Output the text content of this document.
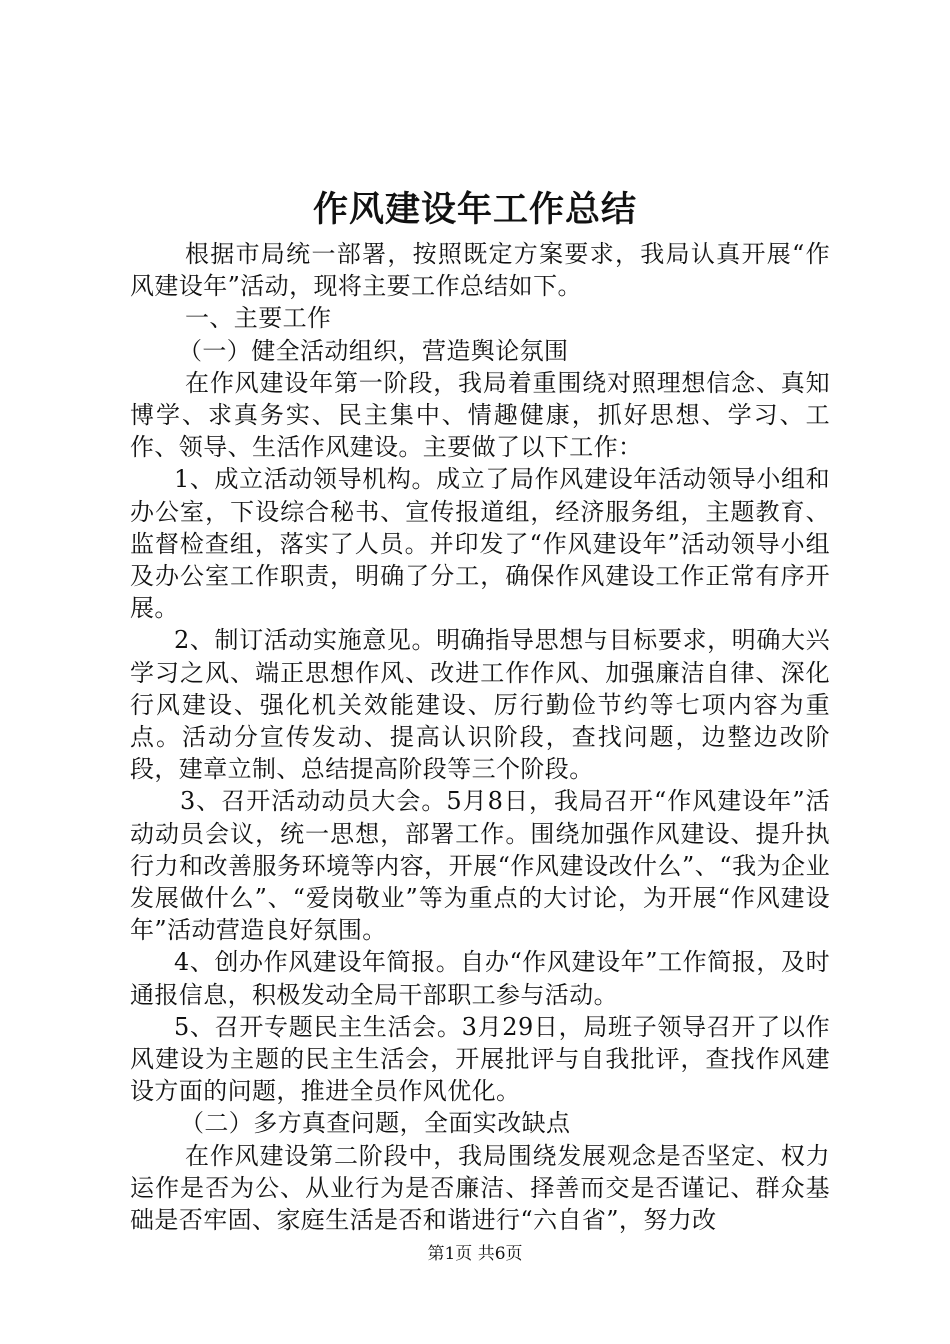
作风建设年工作总结

根据市局统一部署，按照既定方案要求，我局认真开展“作风建设年”活动，现将主要工作总结如下。

一、主要工作

（一）健全活动组织，营造舆论氛围

在作风建设年第一阶段，我局着重围绕对照理想信念、真知博学、求真务实、民主集中、情趣健康，抓好思想、学习、工作、领导、生活作风建设。主要做了以下工作：

1、成立活动领导机构。成立了局作风建设年活动领导小组和办公室，下设综合秘书、宣传报道组，经济服务组，主题教育、监督检查组，落实了人员。并印发了“作风建设年”活动领导小组及办公室工作职责，明确了分工，确保作风建设工作正常有序开展。

2、制订活动实施意见。明确指导思想与目标要求，明确大兴学习之风、端正思想作风、改进工作作风、加强廉洁自律、深化行风建设、强化机关效能建设、厉行勤俭节约等七项内容为重点。活动分宣传发动、提高认识阶段，查找问题，边整边改阶段，建章立制、总结提高阶段等三个阶段。

3、召开活动动员大会。5月8日，我局召开“作风建设年”活动动员会议，统一思想，部署工作。围绕加强作风建设、提升执行力和改善服务环境等内容，开展“作风建设改什么”、“我为企业发展做什么”、“爱岗敬业”等为重点的大讨论，为开展“作风建设年”活动营造良好氛围。

4、创办作风建设年简报。自办“作风建设年”工作简报，及时通报信息，积极发动全局干部职工参与活动。

5、召开专题民主生活会。3月29日，局班子领导召开了以作风建设为主题的民主生活会，开展批评与自我批评，查找作风建设方面的问题，推进全员作风优化。

（二）多方真查问题，全面实改缺点

在作风建设第二阶段中，我局围绕发展观念是否坚定、权力运作是否为公、从业行为是否廉洁、择善而交是否谨记、群众基础是否牢固、家庭生活是否和谐进行“六自省”，努力改

第1页 共6页
